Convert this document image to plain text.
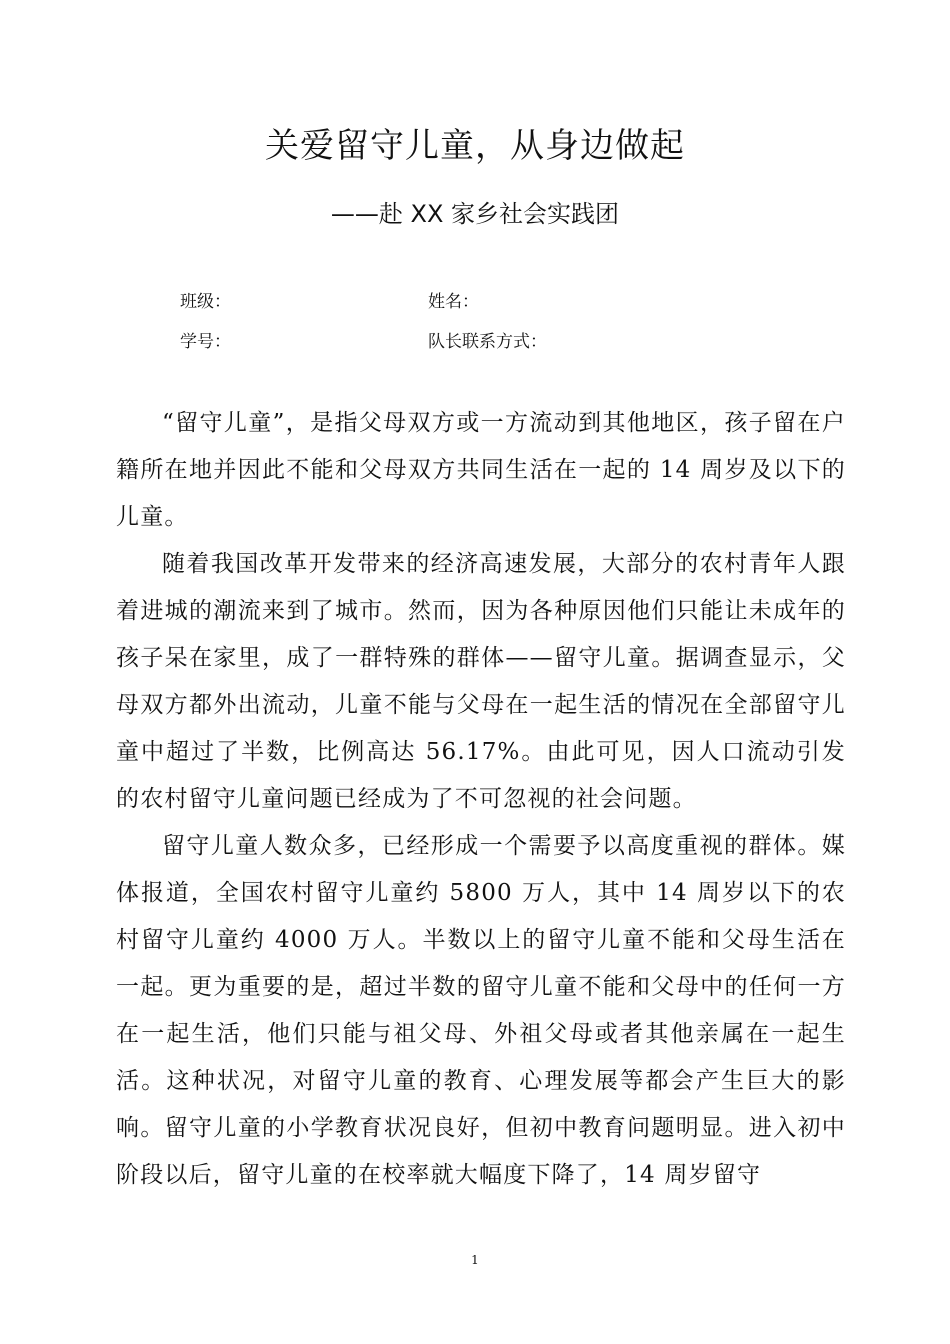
关爱留守儿童，从身边做起
——赴 XX 家乡社会实践团
班级：	姓名：
学号：	队长联系方式：

“留守儿童”，是指父母双方或一方流动到其他地区，孩子留在户籍所在地并因此不能和父母双方共同生活在一起的 14 周岁及以下的儿童。

随着我国改革开发带来的经济高速发展，大部分的农村青年人跟着进城的潮流来到了城市。然而，因为各种原因他们只能让未成年的孩子呆在家里，成了一群特殊的群体——留守儿童。据调查显示，父母双方都外出流动，儿童不能与父母在一起生活的情况在全部留守儿童中超过了半数，比例高达 56.17%。由此可见，因人口流动引发的农村留守儿童问题已经成为了不可忽视的社会问题。

留守儿童人数众多，已经形成一个需要予以高度重视的群体。媒体报道，全国农村留守儿童约 5800 万人，其中 14 周岁以下的农村留守儿童约 4000 万人。半数以上的留守儿童不能和父母生活在一起。更为重要的是，超过半数的留守儿童不能和父母中的任何一方在一起生活，他们只能与祖父母、外祖父母或者其他亲属在一起生活。这种状况，对留守儿童的教育、心理发展等都会产生巨大的影响。留守儿童的小学教育状况良好，但初中教育问题明显。进入初中阶段以后，留守儿童的在校率就大幅度下降了，14 周岁留守

1
